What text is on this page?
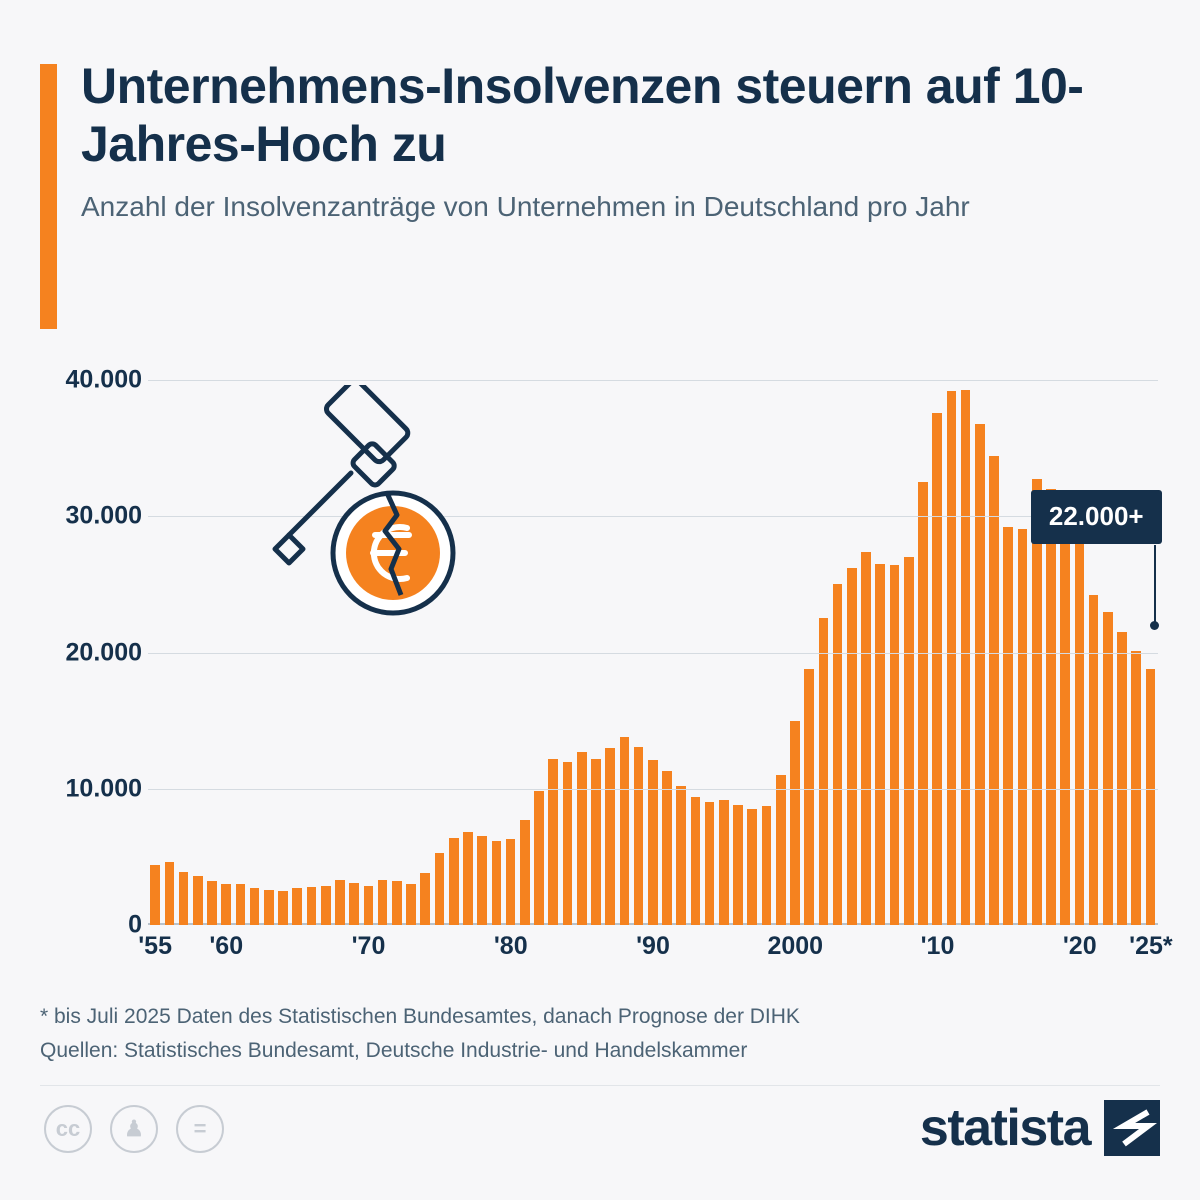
Unternehmens-Insolvenzen steuern auf 10-Jahres-Hoch zu
Anzahl der Insolvenzanträge von Unternehmen in Deutschland pro Jahr
0
10.000
20.000
30.000
40.000
'55 '60	'70	'80	'90	2000	'10	'20 '25*
22.000+
* bis Juli 2025 Daten des Statistischen Bundesamtes, danach Prognose der DIHK
Quellen: Statistisches Bundesamt, Deutsche Industrie- und Handelskammer
cc	♟	=	statista
